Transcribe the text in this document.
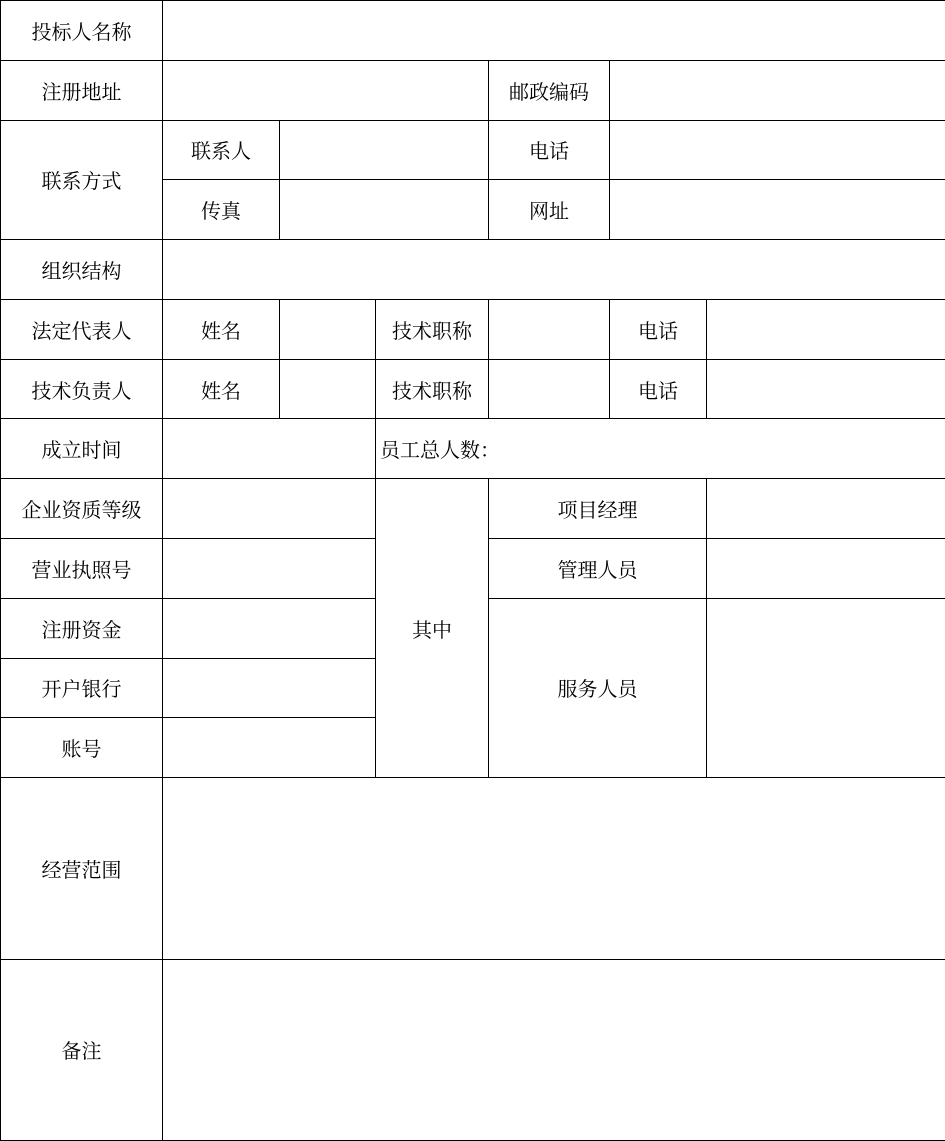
投标人名称						
注册地址				邮政编码		
联系方式	联系人			电话		
	传真			网址		
组织结构						
法定代表人	姓名		技术职称		电话	
技术负责人	姓名		技术职称		电话	
成立时间			员工总人数：			
企业资质等级			其中	项目经理		
营业执照号				管理人员		
注册资金				服务人员		
开户银行						
账号						
经营范围						
备注						
